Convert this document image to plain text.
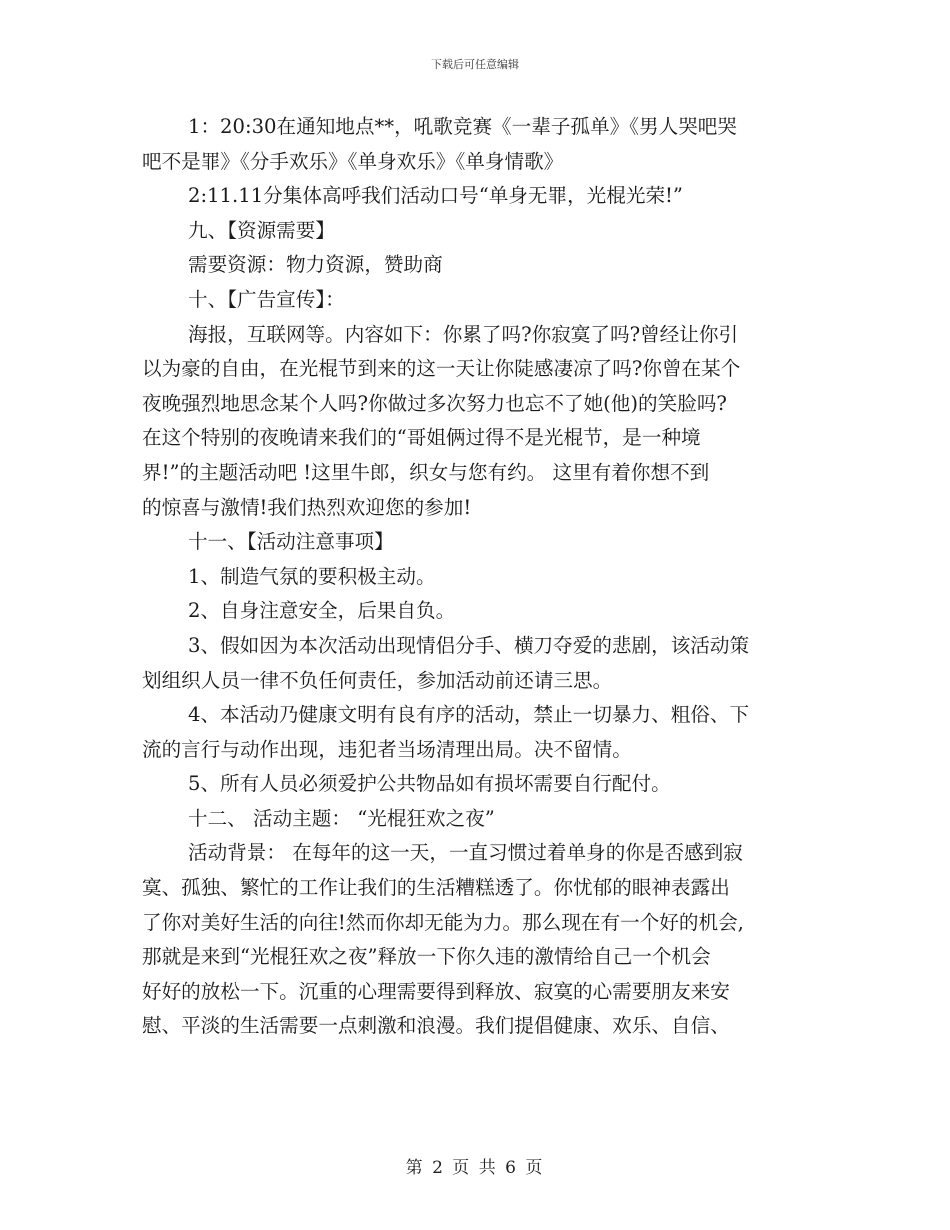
下载后可任意编辑
1：20:30在通知地点**，吼歌竞赛《一辈子孤单》《男人哭吧哭
吧不是罪》《分手欢乐》《单身欢乐》《单身情歌》
2:11.11分集体高呼我们活动口号“单身无罪，光棍光荣!”
九、【资源需要】
需要资源：物力资源，赞助商
十、【广告宣传】：
海报，互联网等。内容如下：你累了吗?你寂寞了吗?曾经让你引
以为豪的自由，在光棍节到来的这一天让你陡感凄凉了吗?你曾在某个
夜晚强烈地思念某个人吗?你做过多次努力也忘不了她(他)的笑脸吗?
在这个特别的夜晚请来我们的“哥姐俩过得不是光棍节，是一种境
界!”的主题活动吧 !这里牛郎，织女与您有约。 这里有着你想不到
的惊喜与激情!我们热烈欢迎您的参加!
十一、【活动注意事项】
1、制造气氛的要积极主动。
2、自身注意安全，后果自负。
3、假如因为本次活动出现情侣分手、横刀夺爱的悲剧，该活动策
划组织人员一律不负任何责任，参加活动前还请三思。
4、本活动乃健康文明有良有序的活动，禁止一切暴力、粗俗、下
流的言行与动作出现，违犯者当场清理出局。决不留情。
5、所有人员必须爱护公共物品如有损坏需要自行配付。
十二、 活动主题： “光棍狂欢之夜”
活动背景： 在每年的这一天，一直习惯过着单身的你是否感到寂
寞、孤独、繁忙的工作让我们的生活糟糕透了。你忧郁的眼神表露出
了你对美好生活的向往!然而你却无能为力。那么现在有一个好的机会,
那就是来到“光棍狂欢之夜”释放一下你久违的激情给自己一个机会
好好的放松一下。沉重的心理需要得到释放、寂寞的心需要朋友来安
慰、平淡的生活需要一点刺激和浪漫。我们提倡健康、欢乐、自信、
第 2 页 共 6 页
